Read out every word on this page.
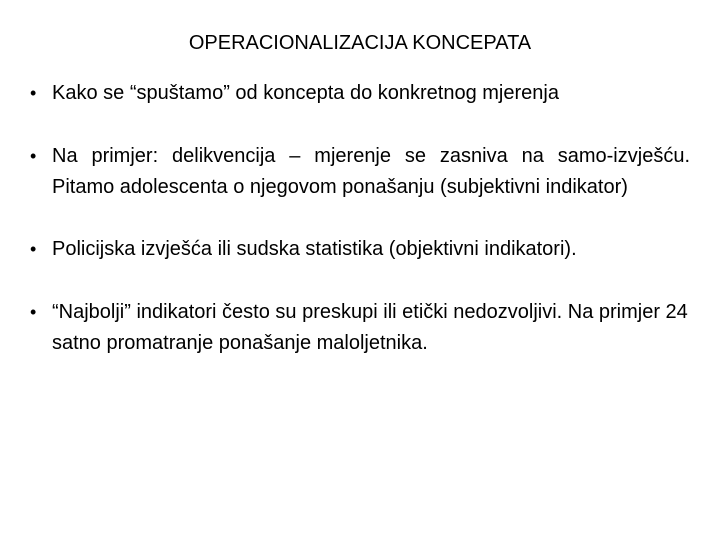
OPERACIONALIZACIJA KONCEPATA
• Kako se “spuštamo” od koncepta do konkretnog mjerenja
• Na primjer: delikvencija – mjerenje se zasniva na samo-izvješću. Pitamo adolescenta o njegovom ponašanju (subjektivni indikator)
• Policijska izvješća ili sudska statistika (objektivni indikatori).
• “Najbolji” indikatori često su preskupi ili etički nedozvoljivi. Na primjer 24 satno promatranje ponašanje maloljetnika.
